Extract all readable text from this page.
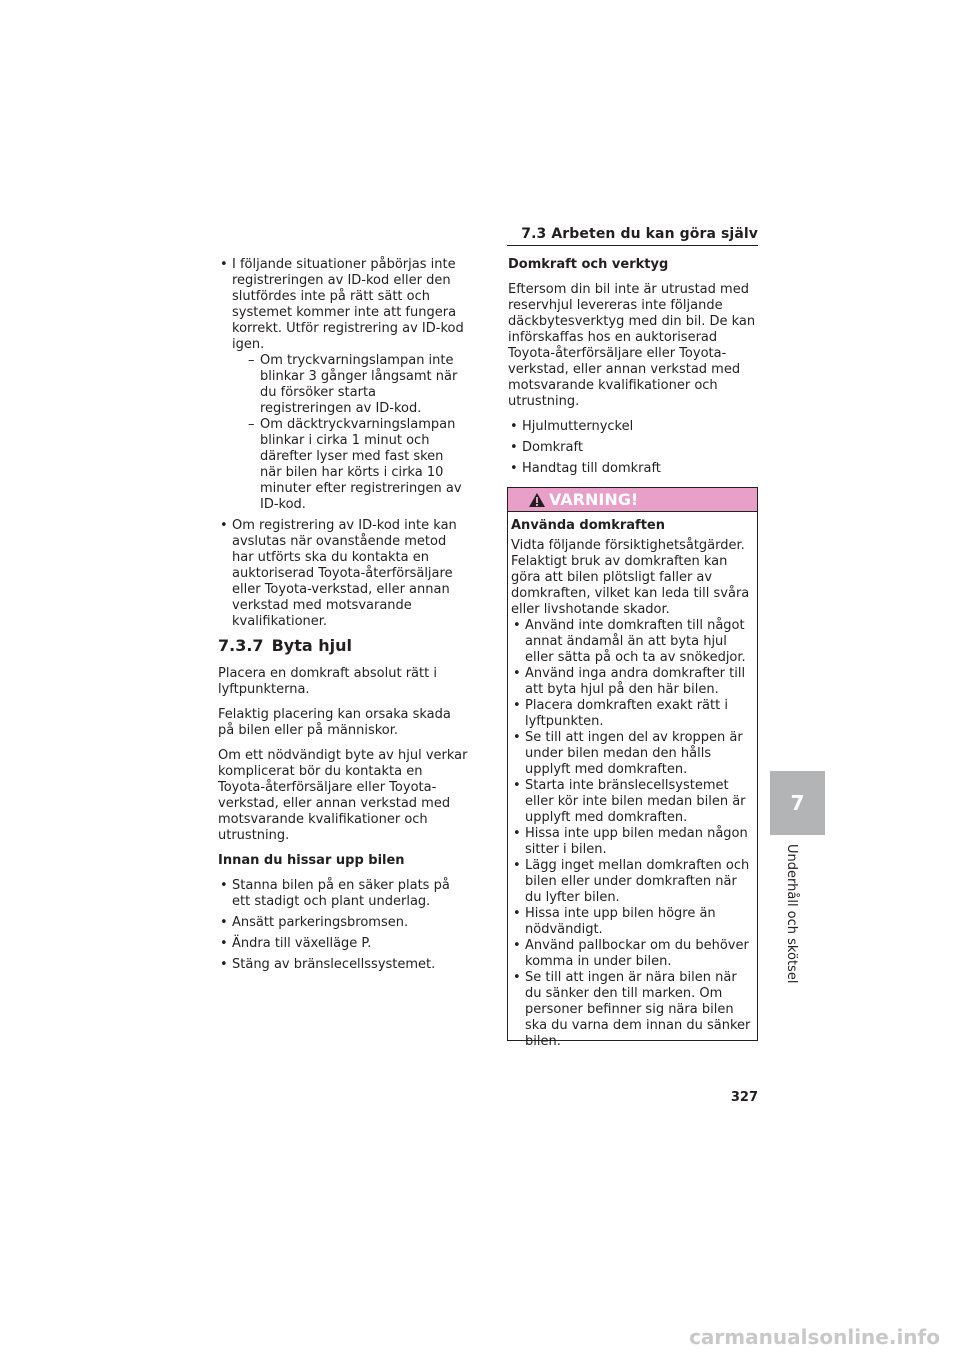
7.3 Arbeten du kan göra själv
• I följande situationer påbörjas inte registreringen av ID-kod eller den slutfördes inte på rätt sätt och systemet kommer inte att fungera korrekt. Utför registrering av ID-kod igen.
– Om tryckvarningslampan inte blinkar 3 gånger långsamt när du försöker starta registreringen av ID-kod.
– Om däcktryckvarningslampan blinkar i cirka 1 minut och därefter lyser med fast sken när bilen har körts i cirka 10 minuter efter registreringen av ID-kod.
• Om registrering av ID-kod inte kan avslutas när ovanstående metod har utförts ska du kontakta en auktoriserad Toyota-återförsäljare eller Toyota-verkstad, eller annan verkstad med motsvarande kvalifikationer.
7.3.7 Byta hjul

Placera en domkraft absolut rätt i lyftpunkterna.

Felaktig placering kan orsaka skada på bilen eller på människor.

Om ett nödvändigt byte av hjul verkar komplicerat bör du kontakta en Toyota-återförsäljare eller Toyota-verkstad, eller annan verkstad med motsvarande kvalifikationer och utrustning.

Innan du hissar upp bilen

• Stanna bilen på en säker plats på ett stadigt och plant underlag.
• Ansätt parkeringsbromsen.
• Ändra till växelläge P.
• Stäng av bränslecellssystemet.

Domkraft och verktyg

Eftersom din bil inte är utrustad med reservhjul levereras inte följande däckbytesverktyg med din bil. De kan införskaffas hos en auktoriserad Toyota-återförsäljare eller Toyota-verkstad, eller annan verkstad med motsvarande kvalifikationer och utrustning.

• Hjulmutternyckel
• Domkraft
• Handtag till domkraft
VARNING!
Använda domkraften
Vidta följande försiktighetsåtgärder. Felaktigt bruk av domkraften kan göra att bilen plötsligt faller av domkraften, vilket kan leda till svåra eller livshotande skador.
• Använd inte domkraften till något annat ändamål än att byta hjul eller sätta på och ta av snökedjor.
• Använd inga andra domkrafter till att byta hjul på den här bilen.
• Placera domkraften exakt rätt i lyftpunkten.
• Se till att ingen del av kroppen är under bilen medan den hålls upplyft med domkraften.
• Starta inte bränslecellsystemet eller kör inte bilen medan bilen är upplyft med domkraften.
• Hissa inte upp bilen medan någon sitter i bilen.
• Lägg inget mellan domkraften och bilen eller under domkraften när du lyfter bilen.
• Hissa inte upp bilen högre än nödvändigt.
• Använd pallbockar om du behöver komma in under bilen.
• Se till att ingen är nära bilen när du sänker den till marken. Om personer befinner sig nära bilen ska du varna dem innan du sänker bilen.
7
Underhåll och skötsel
327
carmanualsonline.info
